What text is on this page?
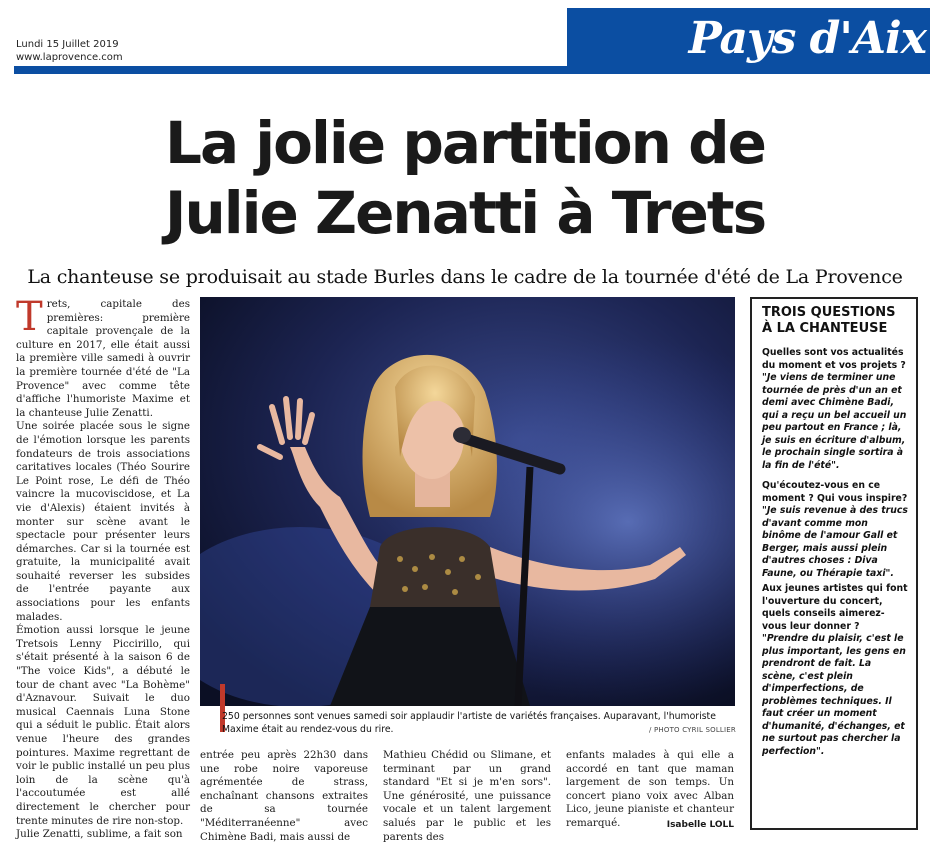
Lundi 15 Juillet 2019
www.laprovence.com	Pays d'Aix
La jolie partition de
Julie Zenatti à Trets
La chanteuse se produisait au stade Burles dans le cadre de la tournée d'été de La Provence

Trets, capitale des premières: première capitale provençale de la culture en 2017, elle était aussi la première ville samedi à ouvrir la première tournée d'été de "La Provence" avec comme tête d'affiche l'humoriste Maxime et la chanteuse Julie Zenatti.

Une soirée placée sous le signe de l'émotion lorsque les parents fondateurs de trois associations caritatives locales (Théo Sourire Le Point rose, Le défi de Théo vaincre la mucoviscidose, et La vie d'Alexis) étaient invités à monter sur scène avant le spectacle pour présenter leurs démarches. Car si la tournée est gratuite, la municipalité avait souhaité reverser les subsides de l'entrée payante aux associations pour les enfants malades.

Émotion aussi lorsque le jeune Tretsois Lenny Piccirillo, qui s'était présenté à la saison 6 de "The voice Kids", a débuté le tour de chant avec "La Bohème" d'Aznavour. Suivait le duo musical Caennais Luna Stone qui a séduit le public. Était alors venue l'heure des grandes pointures. Maxime regrettant de voir le public installé un peu plus loin de la scène qu'à l'accoutumée est allé directement le chercher pour trente minutes de rire non-stop.

Julie Zenatti, sublime, a fait son

250 personnes sont venues samedi soir applaudir l'artiste de variétés françaises. Auparavant, l'humoriste Maxime était au rendez-vous du rire.	/ PHOTO CYRIL SOLLIER
entrée peu après 22h30 dans une robe noire vaporeuse agrémentée de strass, enchaînant chansons extraites de sa tournée "Méditerranéenne" avec Chimène Badi, mais aussi de
Mathieu Chédid ou Slimane, et terminant par un grand standard "Et si je m'en sors". Une générosité, une puissance vocale et un talent largement salués par le public et les parents des

enfants malades à qui elle a accordé en tant que maman largement de son temps. Un concert piano voix avec Alban Lico, jeune pianiste et chanteur remarqué.	Isabelle LOLL
TROIS QUESTIONS
À LA CHANTEUSE
Quelles sont vos actualités du moment et vos projets ?
"Je viens de terminer une tournée de près d'un an et demi avec Chimène Badi, qui a reçu un bel accueil un peu partout en France ; là, je suis en écriture d'album, le prochain single sortira à la fin de l'été".
Qu'écoutez-vous en ce moment ? Qui vous inspire?
"Je suis revenue à des trucs d'avant comme mon binôme de l'amour Gall et Berger, mais aussi plein d'autres choses : Diva Faune, ou Thérapie taxi".
Aux jeunes artistes qui font l'ouverture du concert, quels conseils aimerez-vous leur donner ?
"Prendre du plaisir, c'est le plus important, les gens en prendront de fait. La scène, c'est plein d'imperfections, de problèmes techniques. Il faut créer un moment d'humanité, d'échanges, et ne surtout pas chercher la perfection".
